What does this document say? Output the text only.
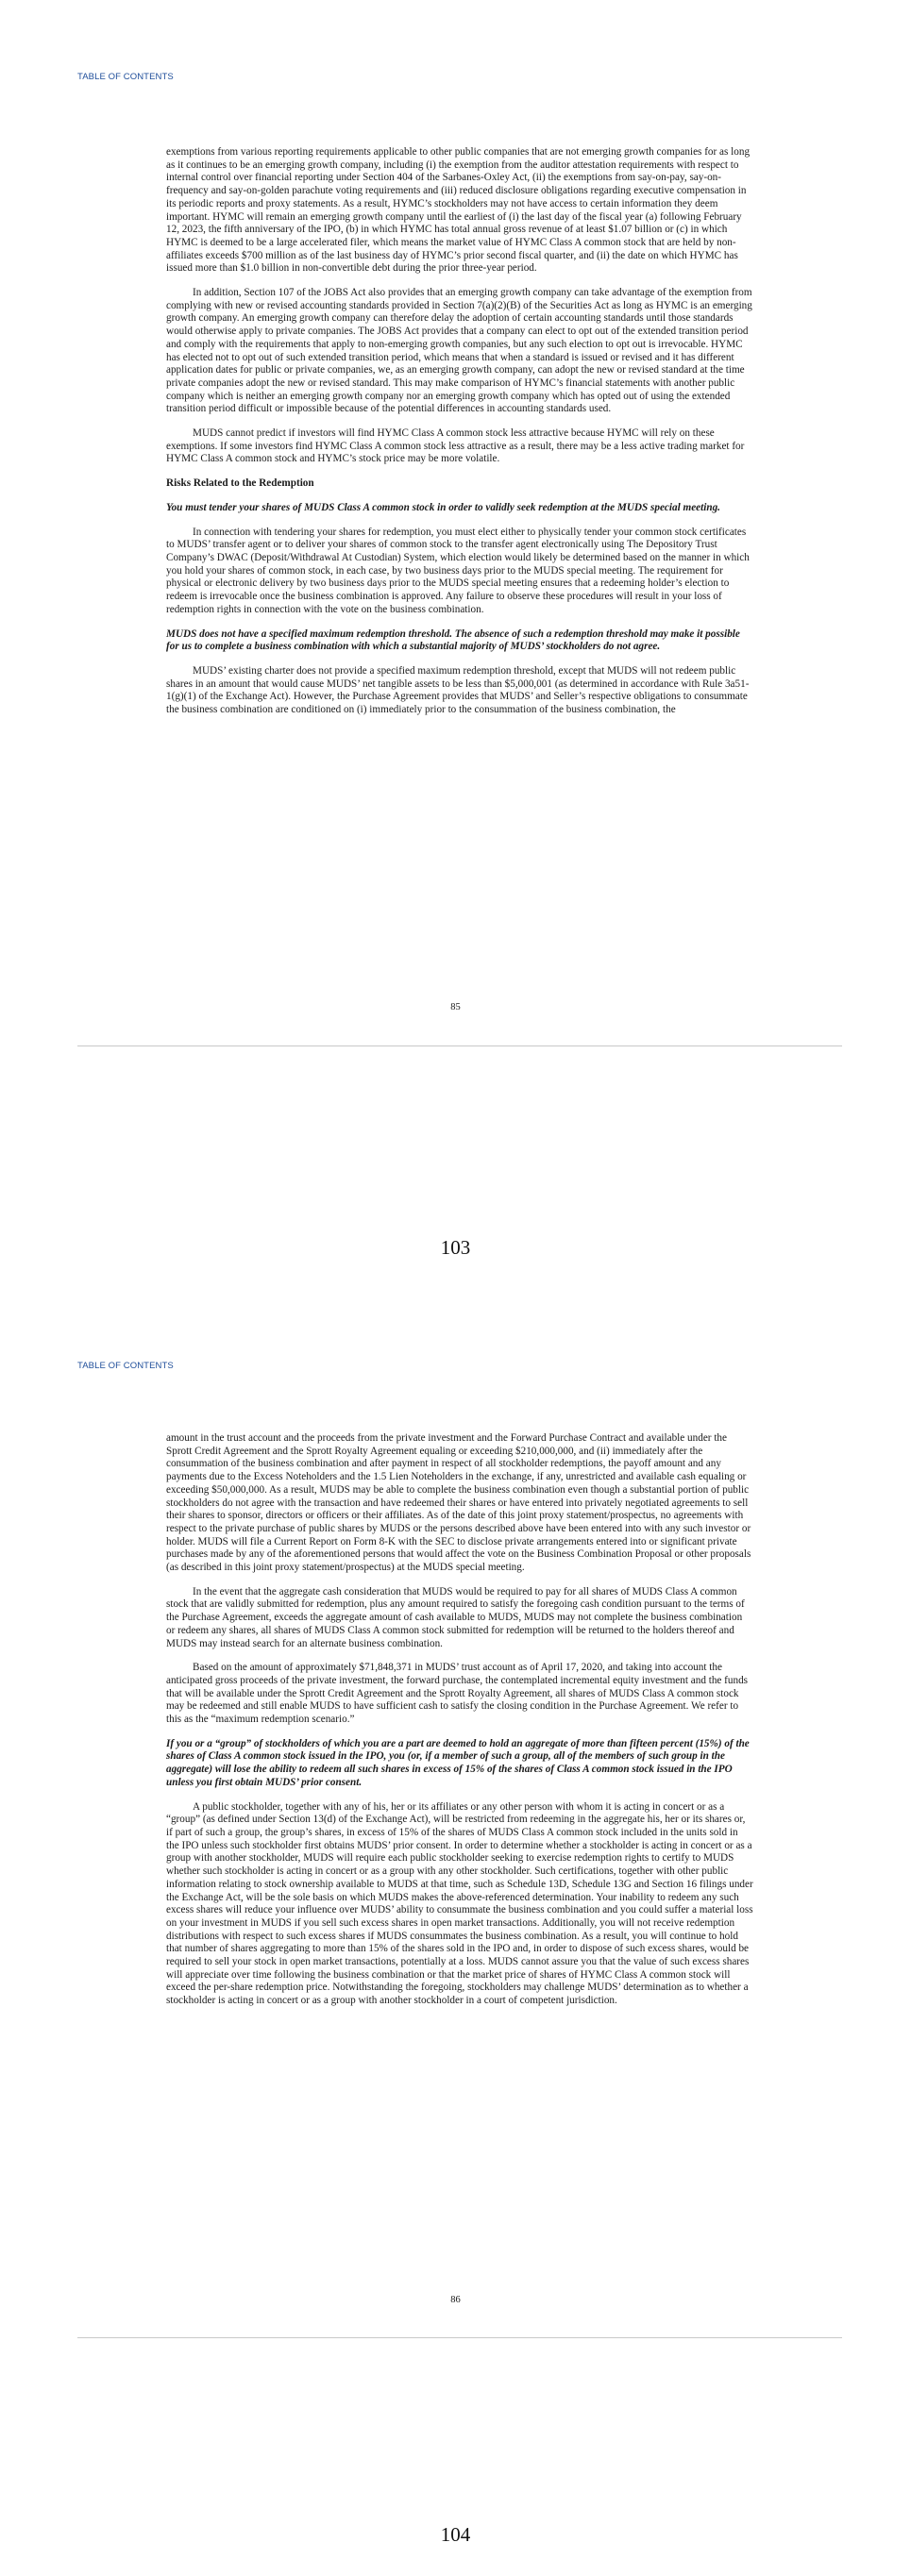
TABLE OF CONTENTS

exemptions from various reporting requirements applicable to other public companies that are not emerging growth companies for as long as it continues to be an emerging growth company, including (i) the exemption from the auditor attestation requirements with respect to internal control over financial reporting under Section 404 of the Sarbanes-Oxley Act, (ii) the exemptions from say-on-pay, say-on-frequency and say-on-golden parachute voting requirements and (iii) reduced disclosure obligations regarding executive compensation in its periodic reports and proxy statements. As a result, HYMC’s stockholders may not have access to certain information they deem important. HYMC will remain an emerging growth company until the earliest of (i) the last day of the fiscal year (a) following February 12, 2023, the fifth anniversary of the IPO, (b) in which HYMC has total annual gross revenue of at least $1.07 billion or (c) in which HYMC is deemed to be a large accelerated filer, which means the market value of HYMC Class A common stock that are held by non-affiliates exceeds $700 million as of the last business day of HYMC’s prior second fiscal quarter, and (ii) the date on which HYMC has issued more than $1.0 billion in non-convertible debt during the prior three-year period.

In addition, Section 107 of the JOBS Act also provides that an emerging growth company can take advantage of the exemption from complying with new or revised accounting standards provided in Section 7(a)(2)(B) of the Securities Act as long as HYMC is an emerging growth company. An emerging growth company can therefore delay the adoption of certain accounting standards until those standards would otherwise apply to private companies. The JOBS Act provides that a company can elect to opt out of the extended transition period and comply with the requirements that apply to non-emerging growth companies, but any such election to opt out is irrevocable. HYMC has elected not to opt out of such extended transition period, which means that when a standard is issued or revised and it has different application dates for public or private companies, we, as an emerging growth company, can adopt the new or revised standard at the time private companies adopt the new or revised standard. This may make comparison of HYMC’s financial statements with another public company which is neither an emerging growth company nor an emerging growth company which has opted out of using the extended transition period difficult or impossible because of the potential differences in accounting standards used.

MUDS cannot predict if investors will find HYMC Class A common stock less attractive because HYMC will rely on these exemptions. If some investors find HYMC Class A common stock less attractive as a result, there may be a less active trading market for HYMC Class A common stock and HYMC’s stock price may be more volatile.

Risks Related to the Redemption

You must tender your shares of MUDS Class A common stock in order to validly seek redemption at the MUDS special meeting.

In connection with tendering your shares for redemption, you must elect either to physically tender your common stock certificates to MUDS’ transfer agent or to deliver your shares of common stock to the transfer agent electronically using The Depository Trust Company’s DWAC (Deposit/Withdrawal At Custodian) System, which election would likely be determined based on the manner in which you hold your shares of common stock, in each case, by two business days prior to the MUDS special meeting. The requirement for physical or electronic delivery by two business days prior to the MUDS special meeting ensures that a redeeming holder’s election to redeem is irrevocable once the business combination is approved. Any failure to observe these procedures will result in your loss of redemption rights in connection with the vote on the business combination.

MUDS does not have a specified maximum redemption threshold. The absence of such a redemption threshold may make it possible for us to complete a business combination with which a substantial majority of MUDS’ stockholders do not agree.

MUDS’ existing charter does not provide a specified maximum redemption threshold, except that MUDS will not redeem public shares in an amount that would cause MUDS’ net tangible assets to be less than $5,000,001 (as determined in accordance with Rule 3a51-1(g)(1) of the Exchange Act). However, the Purchase Agreement provides that MUDS’ and Seller’s respective obligations to consummate the business combination are conditioned on (i) immediately prior to the consummation of the business combination, the

85
103
TABLE OF CONTENTS

amount in the trust account and the proceeds from the private investment and the Forward Purchase Contract and available under the Sprott Credit Agreement and the Sprott Royalty Agreement equaling or exceeding $210,000,000, and (ii) immediately after the consummation of the business combination and after payment in respect of all stockholder redemptions, the payoff amount and any payments due to the Excess Noteholders and the 1.5 Lien Noteholders in the exchange, if any, unrestricted and available cash equaling or exceeding $50,000,000. As a result, MUDS may be able to complete the business combination even though a substantial portion of public stockholders do not agree with the transaction and have redeemed their shares or have entered into privately negotiated agreements to sell their shares to sponsor, directors or officers or their affiliates. As of the date of this joint proxy statement/prospectus, no agreements with respect to the private purchase of public shares by MUDS or the persons described above have been entered into with any such investor or holder. MUDS will file a Current Report on Form 8-K with the SEC to disclose private arrangements entered into or significant private purchases made by any of the aforementioned persons that would affect the vote on the Business Combination Proposal or other proposals (as described in this joint proxy statement/prospectus) at the MUDS special meeting.

In the event that the aggregate cash consideration that MUDS would be required to pay for all shares of MUDS Class A common stock that are validly submitted for redemption, plus any amount required to satisfy the foregoing cash condition pursuant to the terms of the Purchase Agreement, exceeds the aggregate amount of cash available to MUDS, MUDS may not complete the business combination or redeem any shares, all shares of MUDS Class A common stock submitted for redemption will be returned to the holders thereof and MUDS may instead search for an alternate business combination.

Based on the amount of approximately $71,848,371 in MUDS’ trust account as of April 17, 2020, and taking into account the anticipated gross proceeds of the private investment, the forward purchase, the contemplated incremental equity investment and the funds that will be available under the Sprott Credit Agreement and the Sprott Royalty Agreement, all shares of MUDS Class A common stock may be redeemed and still enable MUDS to have sufficient cash to satisfy the closing condition in the Purchase Agreement. We refer to this as the “maximum redemption scenario.”

If you or a “group” of stockholders of which you are a part are deemed to hold an aggregate of more than fifteen percent (15%) of the shares of Class A common stock issued in the IPO, you (or, if a member of such a group, all of the members of such group in the aggregate) will lose the ability to redeem all such shares in excess of 15% of the shares of Class A common stock issued in the IPO unless you first obtain MUDS’ prior consent.

A public stockholder, together with any of his, her or its affiliates or any other person with whom it is acting in concert or as a “group” (as defined under Section 13(d) of the Exchange Act), will be restricted from redeeming in the aggregate his, her or its shares or, if part of such a group, the group’s shares, in excess of 15% of the shares of MUDS Class A common stock included in the units sold in the IPO unless such stockholder first obtains MUDS’ prior consent. In order to determine whether a stockholder is acting in concert or as a group with another stockholder, MUDS will require each public stockholder seeking to exercise redemption rights to certify to MUDS whether such stockholder is acting in concert or as a group with any other stockholder. Such certifications, together with other public information relating to stock ownership available to MUDS at that time, such as Schedule 13D, Schedule 13G and Section 16 filings under the Exchange Act, will be the sole basis on which MUDS makes the above-referenced determination. Your inability to redeem any such excess shares will reduce your influence over MUDS’ ability to consummate the business combination and you could suffer a material loss on your investment in MUDS if you sell such excess shares in open market transactions. Additionally, you will not receive redemption distributions with respect to such excess shares if MUDS consummates the business combination. As a result, you will continue to hold that number of shares aggregating to more than 15% of the shares sold in the IPO and, in order to dispose of such excess shares, would be required to sell your stock in open market transactions, potentially at a loss. MUDS cannot assure you that the value of such excess shares will appreciate over time following the business combination or that the market price of shares of HYMC Class A common stock will exceed the per-share redemption price. Notwithstanding the foregoing, stockholders may challenge MUDS’ determination as to whether a stockholder is acting in concert or as a group with another stockholder in a court of competent jurisdiction.

86
104
